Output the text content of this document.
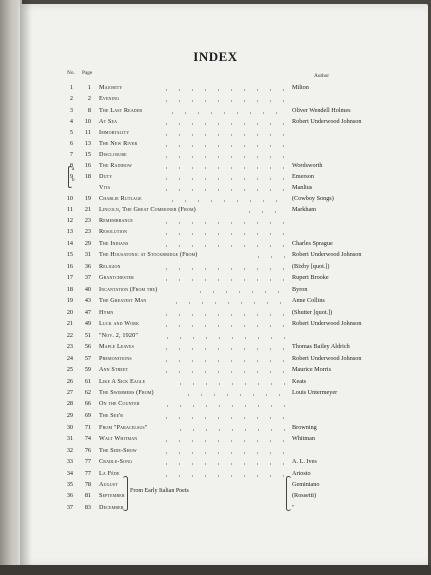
INDEX
No. Page	Author
1	1 Majority	Milton
2	2 Evening
3	8 The Last Reader	Oliver Wendell Holmes
4	10 At Sea	Robert Underwood Johnson
5	11 Immortality
6	13 The New River
7	15 Disclosure
8	16 The Rainbow	Wordsworth
9	18 Duty	Emerson
Vita	Manlius
10	19 Charlie Rutlage	(Cowboy Songs)
11	21 Lincoln, The Great Commoner (From)	Markham
12	23 Remembrance
13	23 Resolution
14	29 The Indians	Charles Sprague
15	31 The Housatonic at Stockbridge (From)	Robert Underwood Johnson
16	36 Religion	(Bixby [quot.])
17	37 Grantchester	Rupert Brooke
18	40 Incantation (From the)	Byron
19	43 The Greatest Man	Anne Collins
20	47 Hymn	(Shutter [quot.])
21	49 Luck and Work	Robert Underwood Johnson
22	51 "Nov. 2, 1920"
23	56 Maple Leaves	Thomas Bailey Aldrich
24	57 Premonitions	Robert Underwood Johnson
25	59 Ann Street	Maurice Morris
26	61 Like A Sick Eagle	Keats
27	62 The Swimmers (From)	Louis Untermeyer
28	66 On the Counter
29	69 The See'r
30	71 From "Paracelsus"	Browning
31	74 Walt Whitman	Whitman
32	76 The Side-Show
33	77 Cradle-Song	A. L. Ives
34	77 La Fède	Ariosto
35	78 August	Geminiano
36	81 September	(Rossetti)
37	83 December	"
a
b
From Early Italian Poets
